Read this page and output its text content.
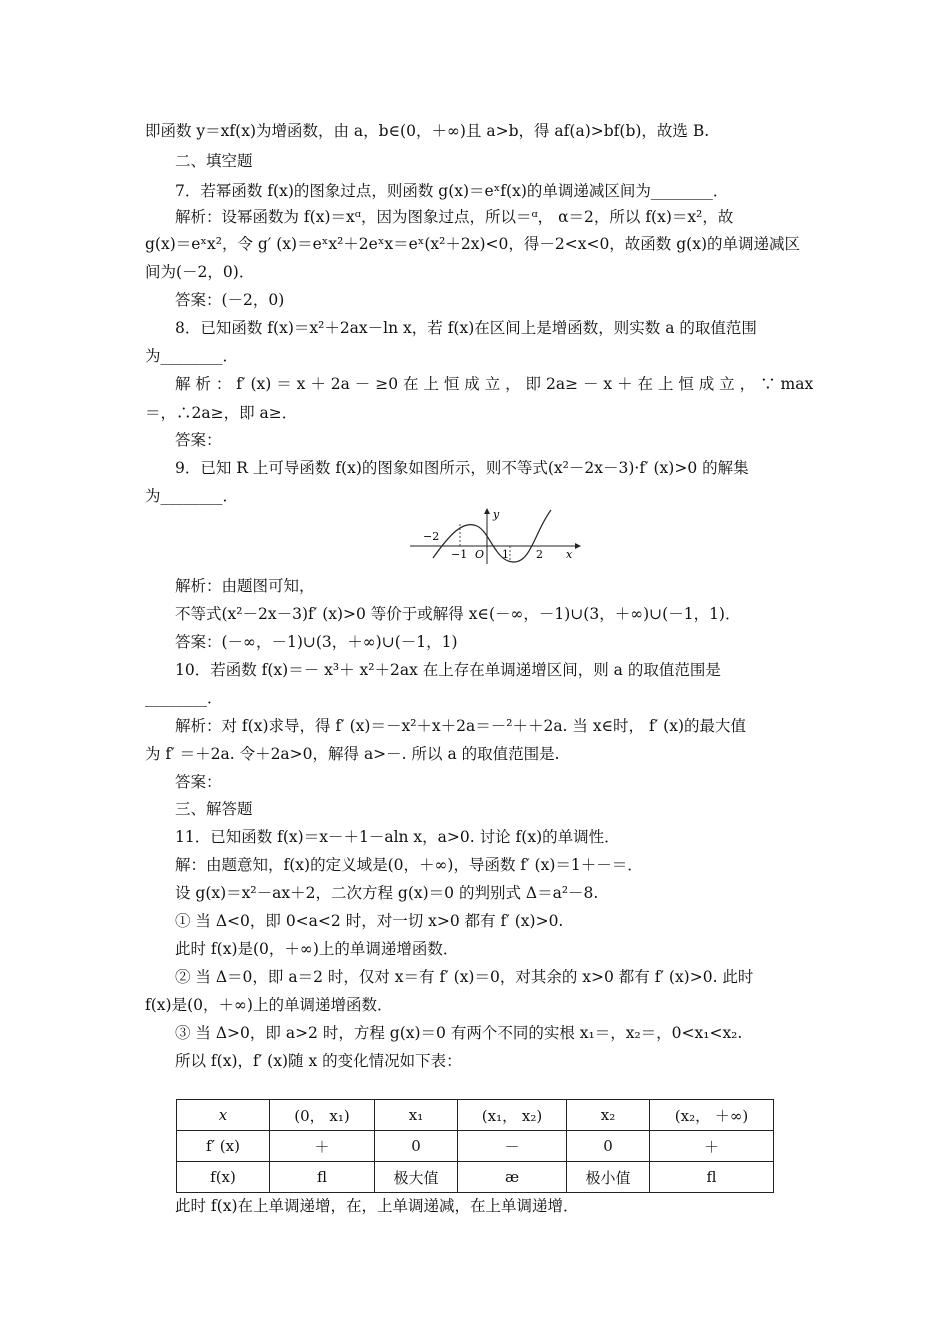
即函数 y＝xf(x)为增函数，由 a，b∈(0，＋∞)且 a>b，得 af(a)>bf(b)，故选 B.
二、填空题
7．若幂函数 f(x)的图象过点，则函数 g(x)＝eˣf(x)的单调递减区间为________．
解析：设幂函数为 f(x)＝xᵅ，因为图象过点，所以＝ᵅ， α＝2，所以 f(x)＝x²，故
g(x)＝eˣx²，令 g′ (x)＝eˣx²＋2eˣx＝eˣ(x²＋2x)<0，得－2<x<0，故函数 g(x)的单调递减区
间为(－2，0)．
答案：(－2，0)
8．已知函数 f(x)＝x²＋2ax－ln x，若 f(x)在区间上是增函数，则实数 a 的取值范围
为________．
解 析 ： f′ (x) ＝ x ＋ 2a － ≥0 在 上 恒 成 立 ， 即 2a≥ － x ＋ 在 上 恒 成 立 ， ∵ max
＝，∴2a≥，即 a≥．
答案：
9．已知 R 上可导函数 f(x)的图象如图所示，则不等式(x²－2x－3)·f′ (x)>0 的解集
为________．
y
−2
−1 O 1 2 x
解析：由题图可知，
不等式(x²－2x－3)f′ (x)>0 等价于或解得 x∈(－∞，－1)∪(3，＋∞)∪(－1，1)．
答案：(－∞，－1)∪(3，＋∞)∪(－1，1)
10．若函数 f(x)＝－ x³＋ x²＋2ax 在上存在单调递增区间，则 a 的取值范围是
________．
解析：对 f(x)求导，得 f′ (x)＝－x²＋x＋2a＝－²＋＋2a. 当 x∈时， f′ (x)的最大值
为 f′ ＝＋2a. 令＋2a>0，解得 a>－. 所以 a 的取值范围是.
答案：
三、解答题
11．已知函数 f(x)＝x－＋1－aln x，a>0. 讨论 f(x)的单调性．
解：由题意知，f(x)的定义域是(0，＋∞)，导函数 f′ (x)＝1＋－＝．
设 g(x)＝x²－ax＋2，二次方程 g(x)＝0 的判别式 Δ＝a²－8.
① 当 Δ<0，即 0<a<2 时，对一切 x>0 都有 f′ (x)>0.
此时 f(x)是(0，＋∞)上的单调递增函数．
② 当 Δ＝0，即 a＝2 时，仅对 x＝有 f′ (x)＝0，对其余的 x>0 都有 f′ (x)>0. 此时
f(x)是(0，＋∞)上的单调递增函数．
③ 当 Δ>0，即 a>2 时，方程 g(x)＝0 有两个不同的实根 x₁＝，x₂＝，0<x₁<x₂.
所以 f(x)，f′ (x)随 x 的变化情况如下表：
x	(0， x₁)	x₁	(x₁， x₂)	x₂	(x₂， ＋∞)
f′ (x)	＋	0	－	0	＋
f(x)	ﬂ	极大值	æ	极小值	ﬂ
此时 f(x)在上单调递增，在，上单调递减，在上单调递增．
